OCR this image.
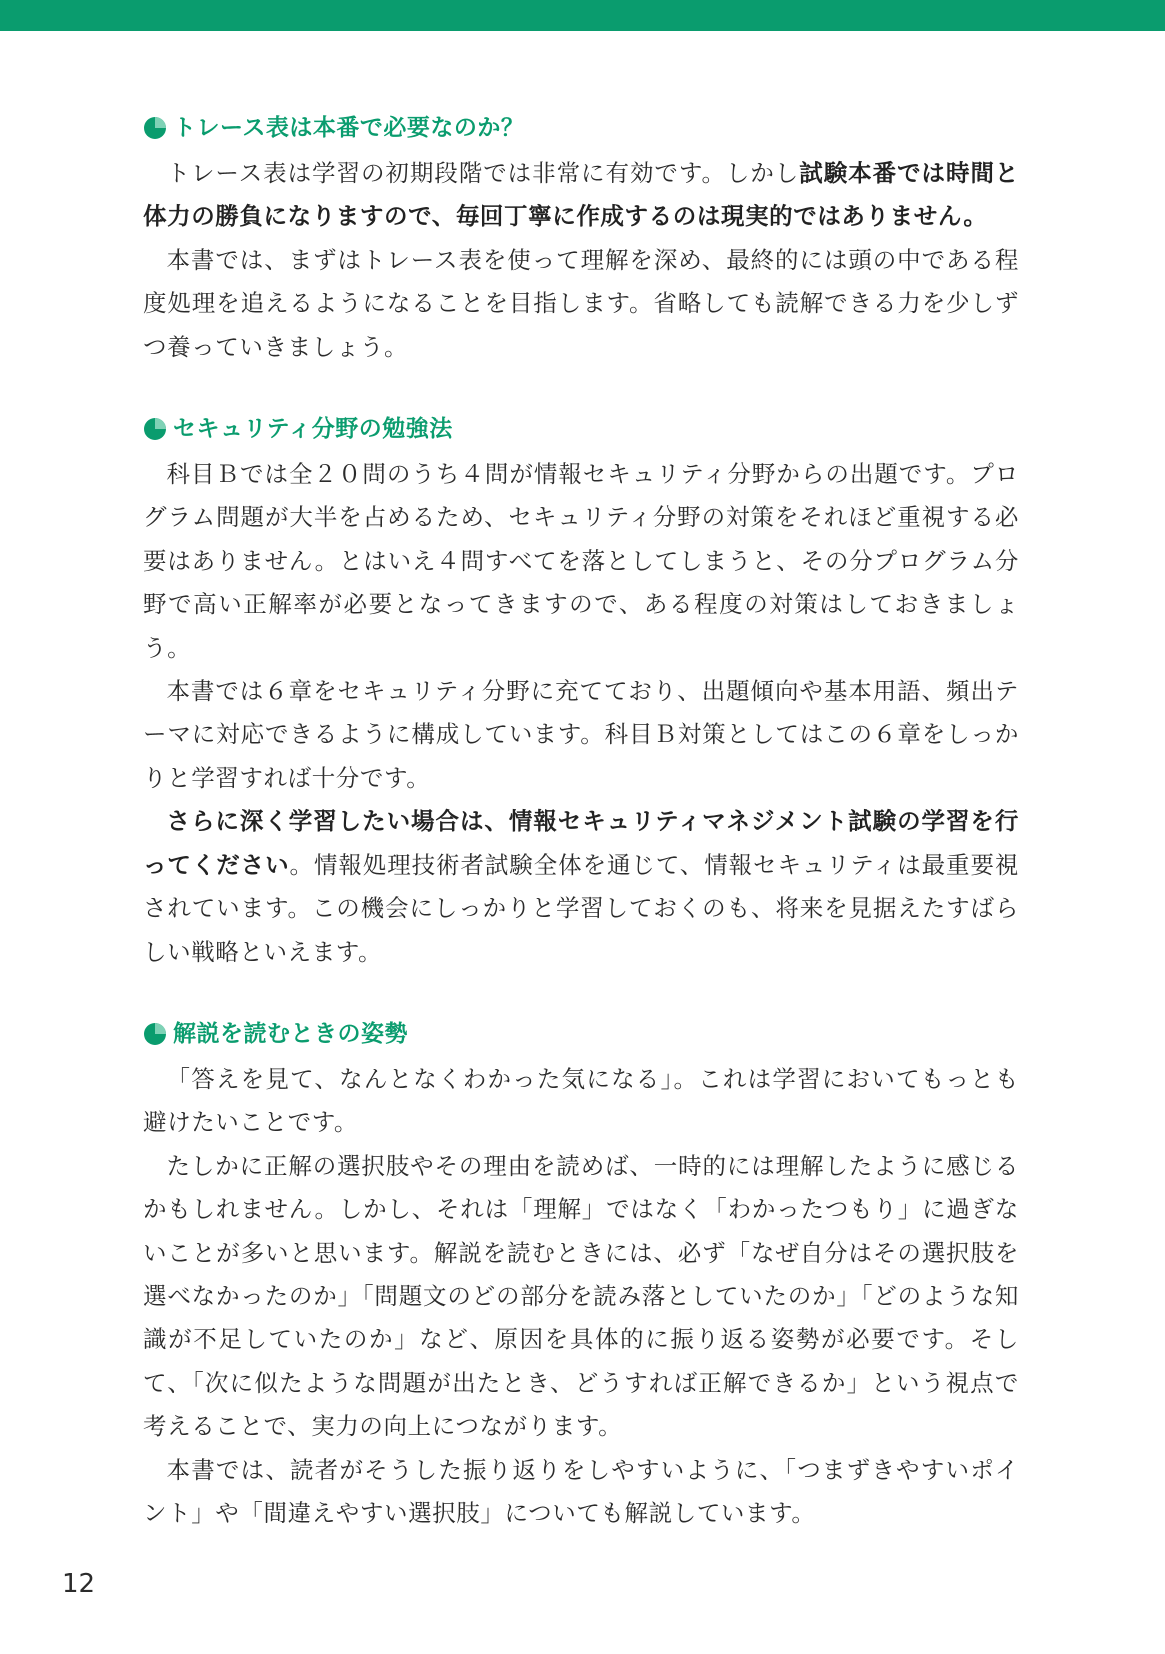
トレース表は本番で必要なのか？

トレース表は学習の初期段階では非常に有効です。しかし試験本番では時間と体力の勝負になりますので、毎回丁寧に作成するのは現実的ではありません。

本書では、まずはトレース表を使って理解を深め、最終的には頭の中である程度処理を追えるようになることを目指します。省略しても読解できる力を少しずつ養っていきましょう。

セキュリティ分野の勉強法

科目Ｂでは全２０問のうち４問が情報セキュリティ分野からの出題です。プログラム問題が大半を占めるため、セキュリティ分野の対策をそれほど重視する必要はありません。とはいえ４問すべてを落としてしまうと、その分プログラム分野で高い正解率が必要となってきますので、ある程度の対策はしておきましょう。

本書では６章をセキュリティ分野に充てており、出題傾向や基本用語、頻出テーマに対応できるように構成しています。科目Ｂ対策としてはこの６章をしっかりと学習すれば十分です。

さらに深く学習したい場合は、情報セキュリティマネジメント試験の学習を行ってください。情報処理技術者試験全体を通じて、情報セキュリティは最重要視されています。この機会にしっかりと学習しておくのも、将来を見据えたすばらしい戦略といえます。

解説を読むときの姿勢

「答えを見て、なんとなくわかった気になる」。これは学習においてもっとも避けたいことです。

たしかに正解の選択肢やその理由を読めば、一時的には理解したように感じるかもしれません。しかし、それは「理解」ではなく「わかったつもり」に過ぎないことが多いと思います。解説を読むときには、必ず「なぜ自分はその選択肢を選べなかったのか」「問題文のどの部分を読み落としていたのか」「どのような知識が不足していたのか」など、原因を具体的に振り返る姿勢が必要です。そして、「次に似たような問題が出たとき、どうすれば正解できるか」という視点で考えることで、実力の向上につながります。

本書では、読者がそうした振り返りをしやすいように、「つまずきやすいポイント」や「間違えやすい選択肢」についても解説しています。

12
